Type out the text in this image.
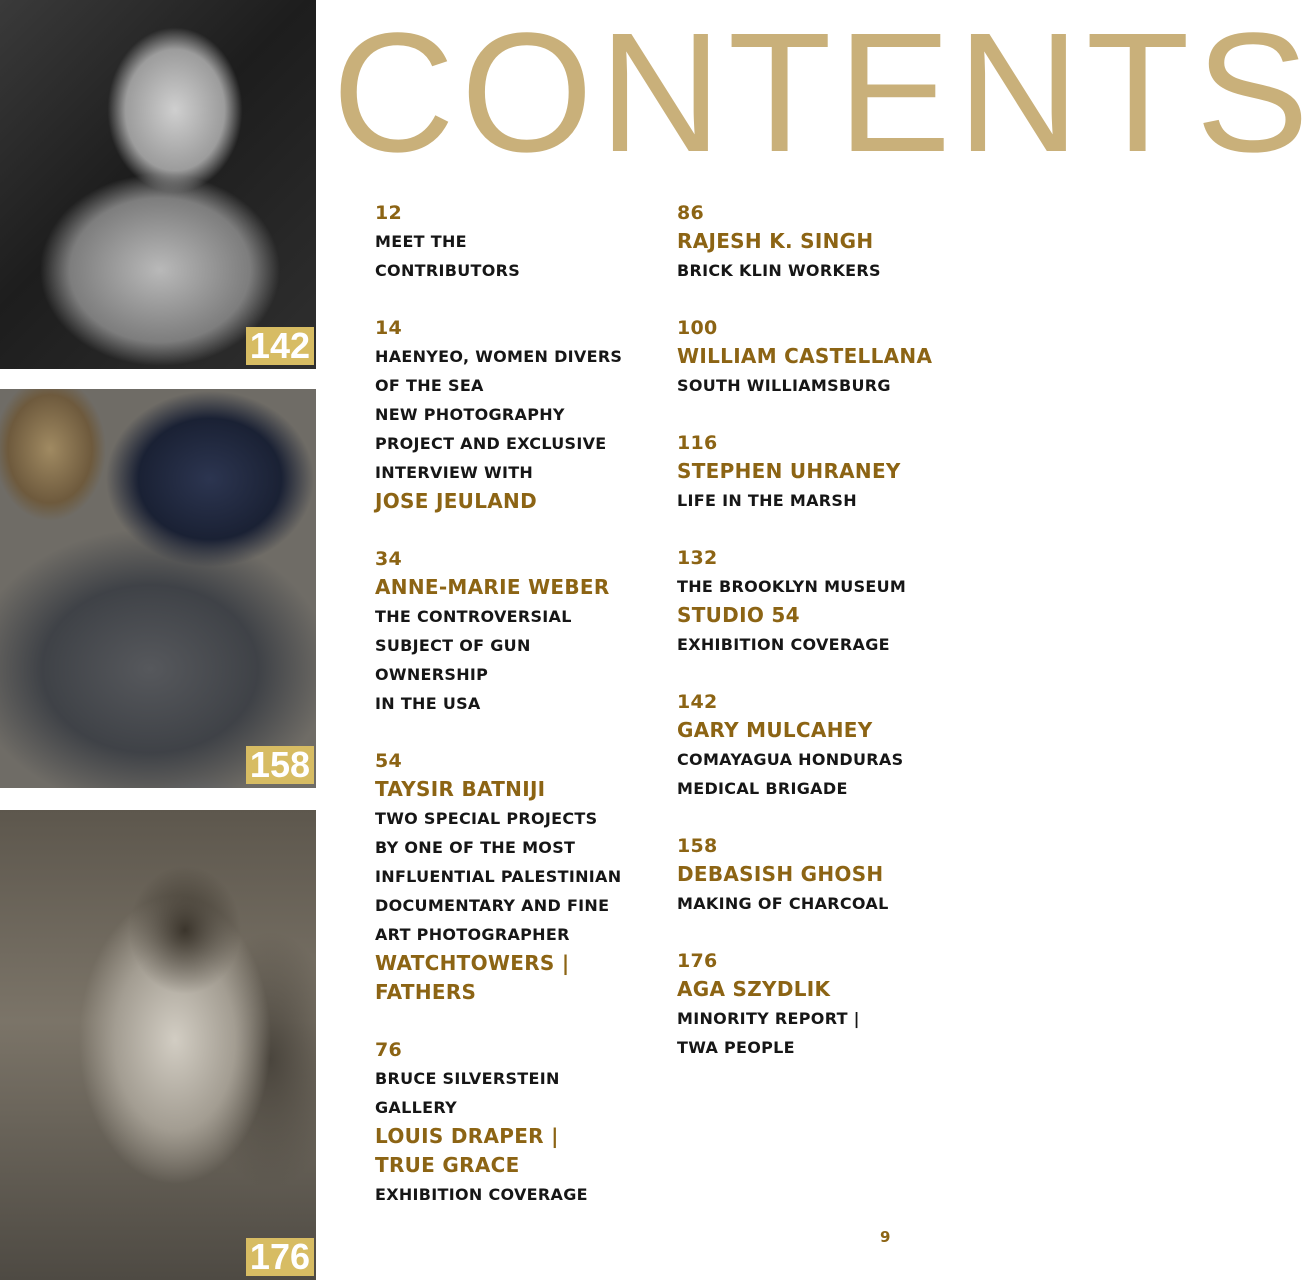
142
158
176
CONTENTS
12
MEET THE
CONTRIBUTORS
14
HAENYEO, WOMEN DIVERS
OF THE SEA
NEW PHOTOGRAPHY
PROJECT AND EXCLUSIVE
INTERVIEW WITH
JOSE JEULAND
34
ANNE-MARIE WEBER
THE CONTROVERSIAL
SUBJECT OF GUN
OWNERSHIP
IN THE USA
54
TAYSIR BATNIJI
TWO SPECIAL PROJECTS
BY ONE OF THE MOST
INFLUENTIAL PALESTINIAN
DOCUMENTARY AND FINE
ART PHOTOGRAPHER
WATCHTOWERS |
FATHERS
76
BRUCE SILVERSTEIN
GALLERY
LOUIS DRAPER |
TRUE GRACE
EXHIBITION COVERAGE
86
RAJESH K. SINGH
BRICK KLIN WORKERS
100
WILLIAM CASTELLANA
SOUTH WILLIAMSBURG
116
STEPHEN UHRANEY
LIFE IN THE MARSH
132
THE BROOKLYN MUSEUM
STUDIO 54
EXHIBITION COVERAGE
142
GARY MULCAHEY
COMAYAGUA HONDURAS
MEDICAL BRIGADE
158
DEBASISH GHOSH
MAKING OF CHARCOAL
176
AGA SZYDLIK
MINORITY REPORT |
TWA PEOPLE
9
